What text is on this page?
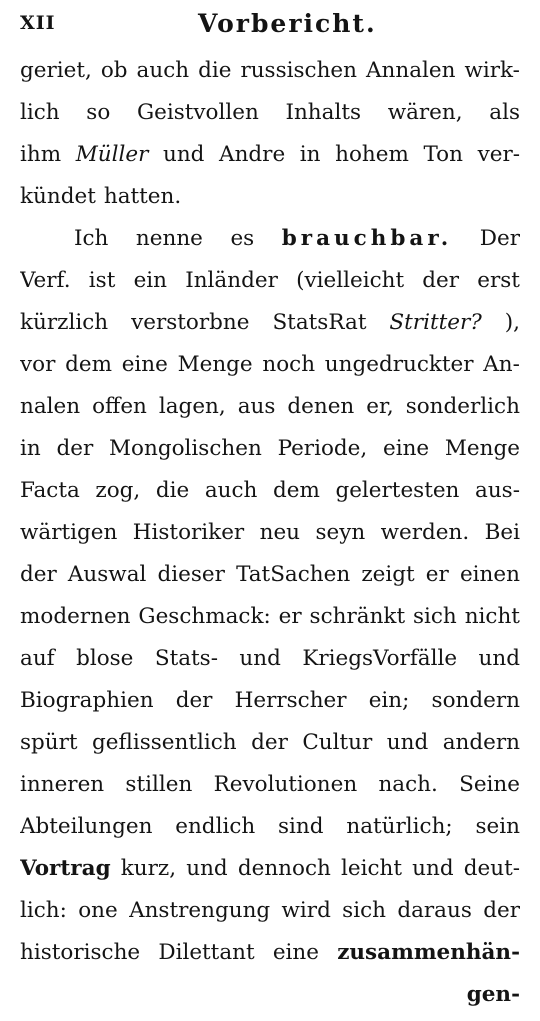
XII	Vorbericht.
geriet, ob auch die russischen Annalen wirk-
lich so Geistvollen Inhalts wären, als
ihm Müller und Andre in hohem Ton ver-
kündet hatten.
Ich nenne es brauchbar. Der
Verf. ist ein Inländer (vielleicht der erst
kürzlich verstorbne StatsRat Stritter? ),
vor dem eine Menge noch ungedruckter An-
nalen offen lagen, aus denen er, sonderlich
in der Mongolischen Periode, eine Menge
Facta zog, die auch dem gelertesten aus-
wärtigen Historiker neu seyn werden. Bei
der Auswal dieser TatSachen zeigt er einen
modernen Geschmack: er schränkt sich nicht
auf blose Stats- und KriegsVorfälle und
Biographien der Herrscher ein; sondern
spürt geflissentlich der Cultur und andern
inneren stillen Revolutionen nach. Seine
Abteilungen endlich sind natürlich; sein
Vortrag kurz, und dennoch leicht und deut-
lich: one Anstrengung wird sich daraus der
historische Dilettant eine zusammenhän-
gen-
